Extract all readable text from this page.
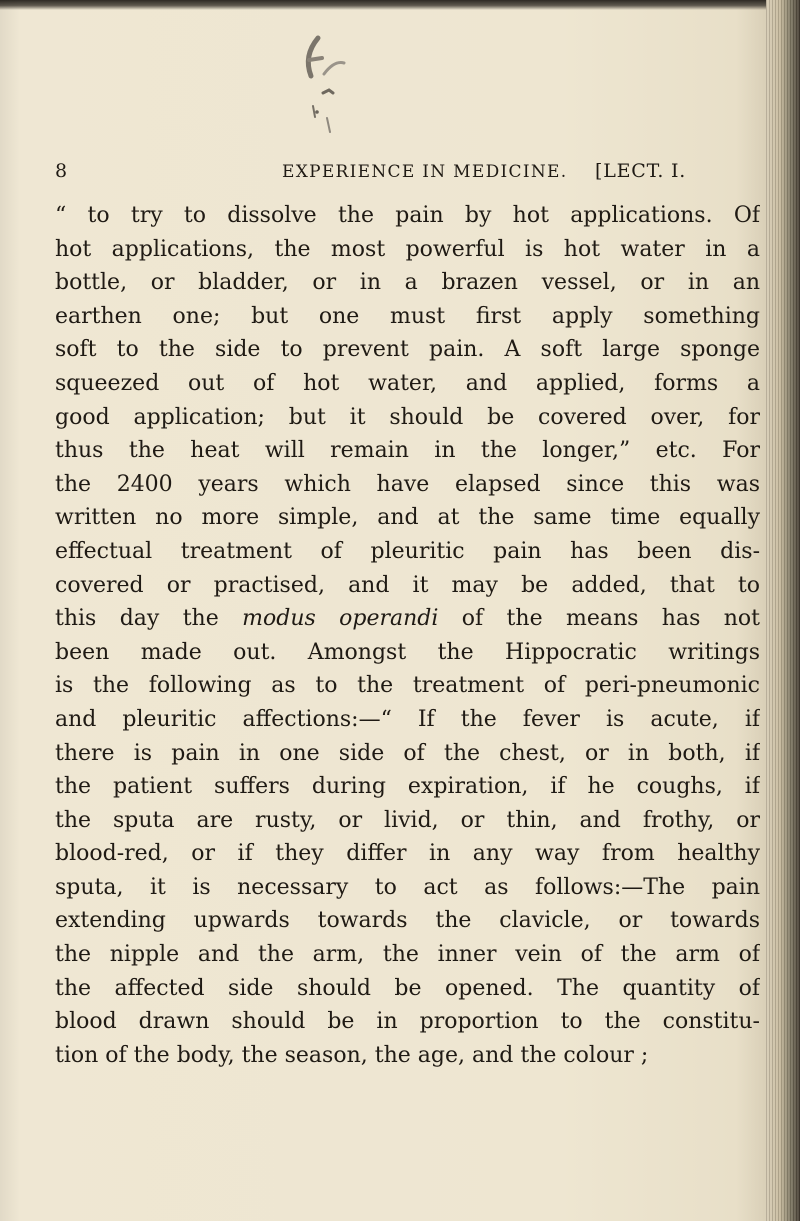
8	EXPERIENCE IN MEDICINE. [LECT. I.
“ to try to dissolve the pain by hot applications. Of
hot applications, the most powerful is hot water in a
bottle, or bladder, or in a brazen vessel, or in an
earthen one; but one must first apply something
soft to the side to prevent pain. A soft large sponge
squeezed out of hot water, and applied, forms a
good application; but it should be covered over, for
thus the heat will remain in the longer,” etc. For
the 2400 years which have elapsed since this was
written no more simple, and at the same time equally
effectual treatment of pleuritic pain has been dis-
covered or practised, and it may be added, that to
this day the modus operandi of the means has not
been made out. Amongst the Hippocratic writings
is the following as to the treatment of peri-pneumonic
and pleuritic affections:—“ If the fever is acute, if
there is pain in one side of the chest, or in both, if
the patient suffers during expiration, if he coughs, if
the sputa are rusty, or livid, or thin, and frothy, or
blood-red, or if they differ in any way from healthy
sputa, it is necessary to act as follows:—The pain
extending upwards towards the clavicle, or towards
the nipple and the arm, the inner vein of the arm of
the affected side should be opened. The quantity of
blood drawn should be in proportion to the constitu-
tion of the body, the season, the age, and the colour ;
